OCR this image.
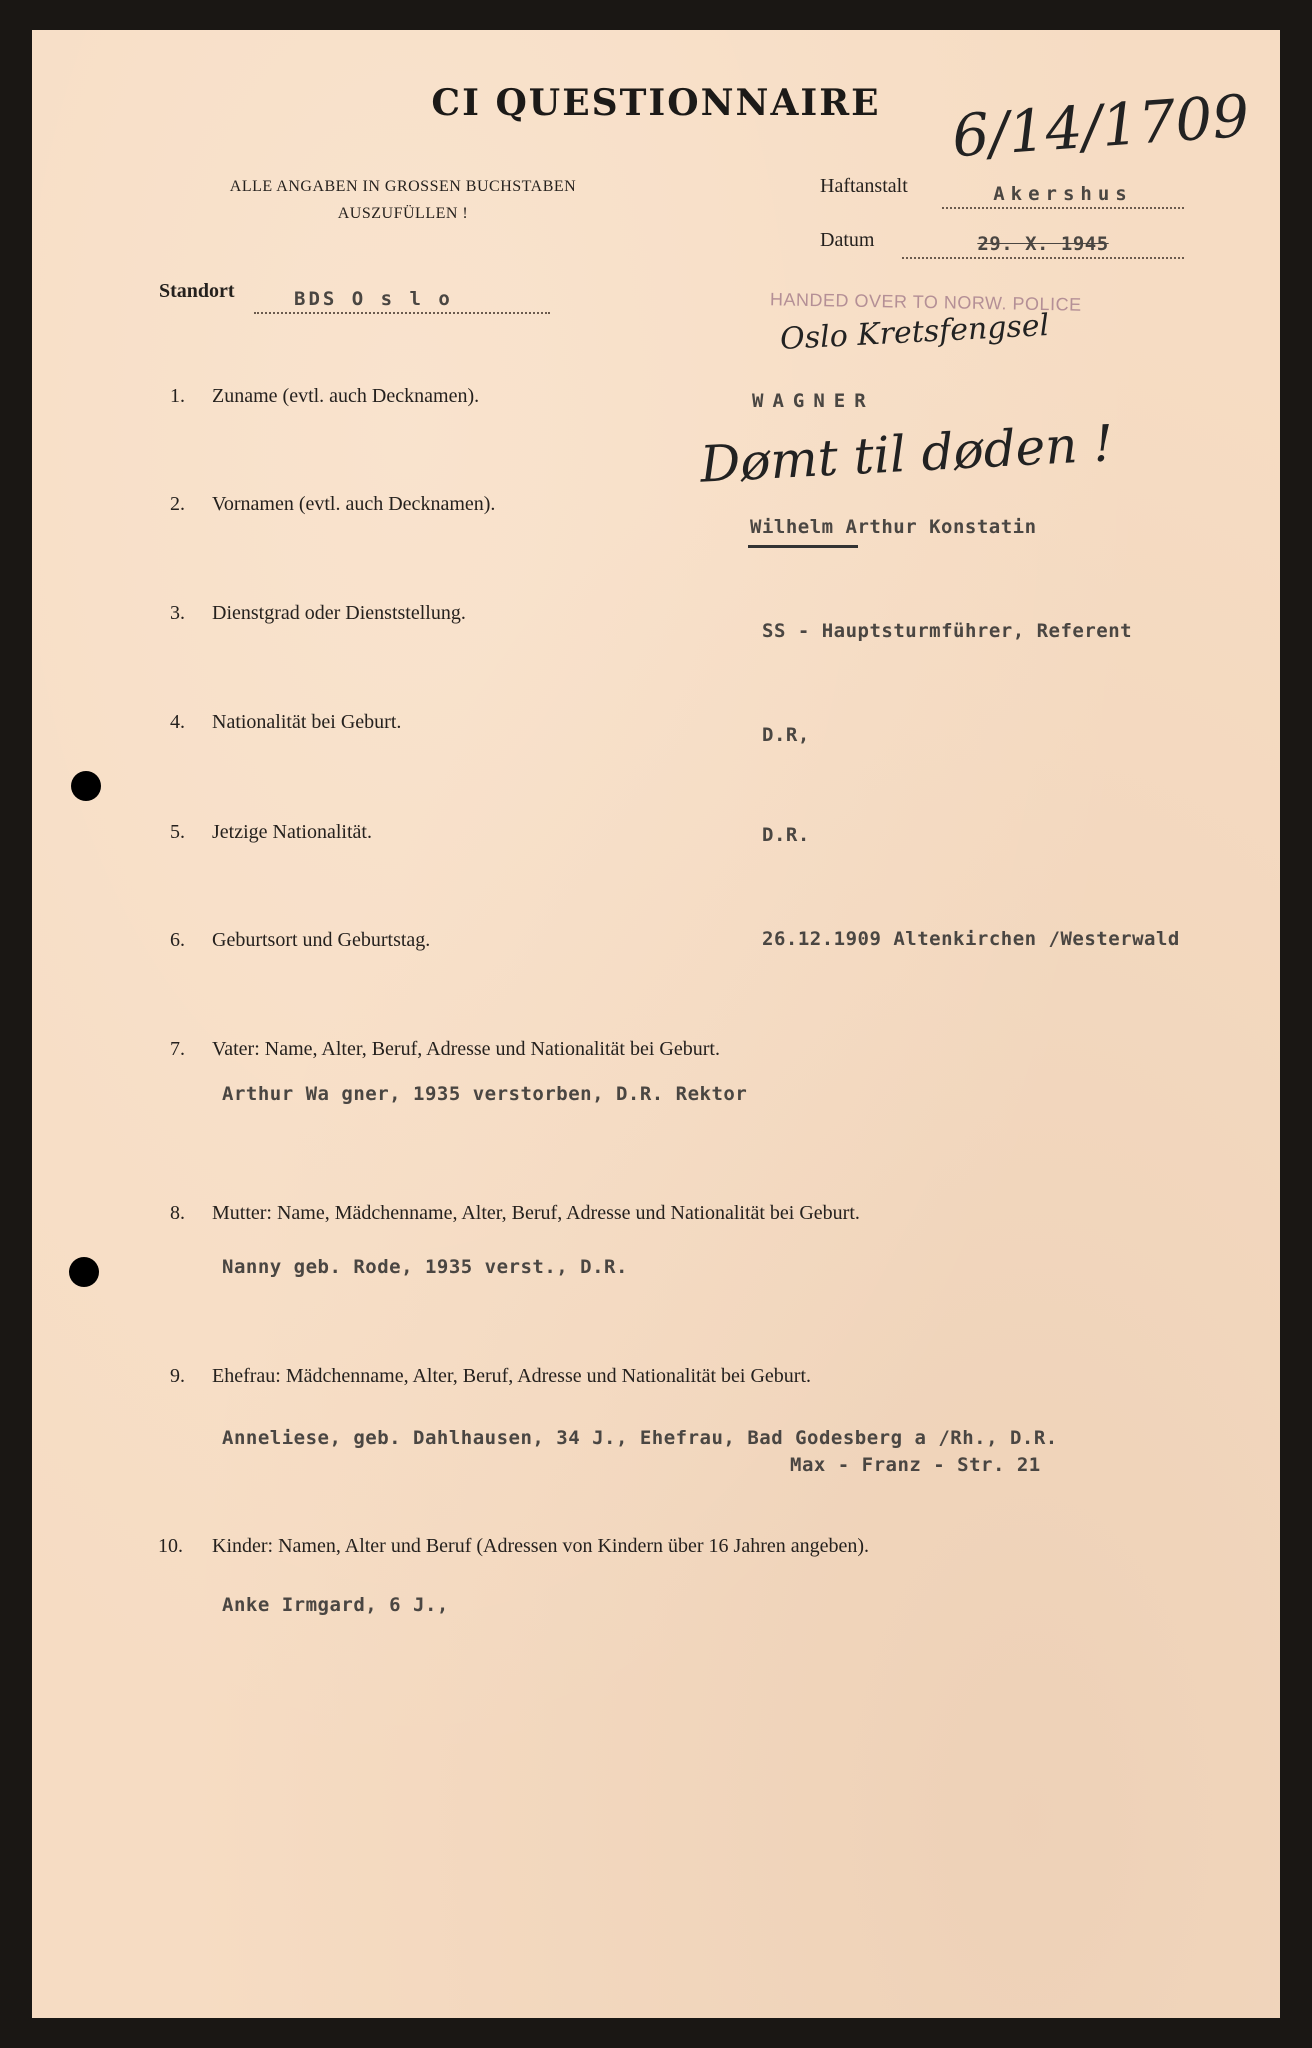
CI QUESTIONNAIRE	6/14/1709
ALLE ANGABEN IN GROSSEN BUCHSTABEN
AUSZUFÜLLEN !
Haftanstalt	Akershus
Datum	29. X. 1945
Standort	BDS O s l o	HANDED OVER TO NORW. POLICE
Oslo Kretsfengsel
1. Zuname (evtl. auch Decknamen).	WAGNER
Dømt til døden !
2. Vornamen (evtl. auch Decknamen).
Wilhelm Arthur Konstatin
3. Dienstgrad oder Dienststellung.
SS - Hauptsturmführer, Referent
4. Nationalität bei Geburt.
D.R,
5. Jetzige Nationalität.	D.R.
6. Geburtsort und Geburtstag.	26.12.1909 Altenkirchen /Westerwald
7. Vater: Name, Alter, Beruf, Adresse und Nationalität bei Geburt.
Arthur Wa gner, 1935 verstorben, D.R. Rektor
8. Mutter: Name, Mädchenname, Alter, Beruf, Adresse und Nationalität bei Geburt.
Nanny geb. Rode, 1935 verst., D.R.
9. Ehefrau: Mädchenname, Alter, Beruf, Adresse und Nationalität bei Geburt.
Anneliese, geb. Dahlhausen, 34 J., Ehefrau, Bad Godesberg a /Rh., D.R.
Max - Franz - Str. 21
10. Kinder: Namen, Alter und Beruf (Adressen von Kindern über 16 Jahren angeben).
Anke Irmgard, 6 J.,
